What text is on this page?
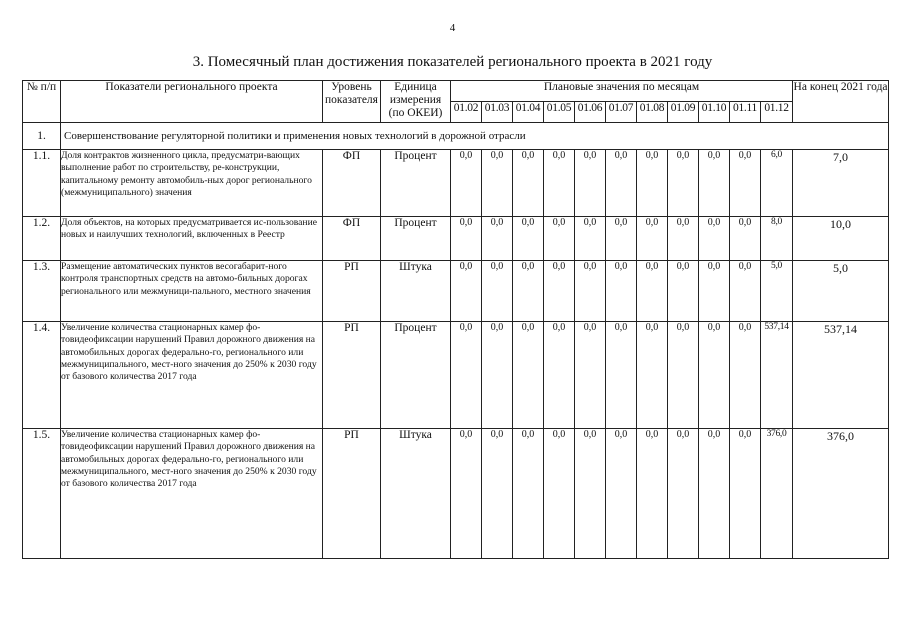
4
3. Помесячный план достижения показателей регионального проекта в 2021 году
№ п/п	Показатели регионального проекта	Уровень показателя	Единица измерения (по ОКЕИ)	Плановые значения по месяцам											На конец 2021 года
				01.02	01.03	01.04	01.05	01.06	01.07	01.08	01.09	01.10	01.11	01.12	
1.	Совершенствование регуляторной политики и применения новых технологий в дорожной отрасли														
1.1.	Доля контрактов жизненного цикла, предусматри-вающих выполнение работ по строительству, ре-конструкции, капитальному ремонту автомобиль-ных дорог регионального (межмуниципального) значения	ФП	Процент	0,0	0,0	0,0	0,0	0,0	0,0	0,0	0,0	0,0	0,0	6,0	7,0
1.2.	Доля объектов, на которых предусматривается ис-пользование новых и наилучших технологий, включенных в Реестр	ФП	Процент	0,0	0,0	0,0	0,0	0,0	0,0	0,0	0,0	0,0	0,0	8,0	10,0
1.3.	Размещение автоматических пунктов весогабарит-ного контроля транспортных средств на автомо-бильных дорогах регионального или межмуници-пального, местного значения	РП	Штука	0,0	0,0	0,0	0,0	0,0	0,0	0,0	0,0	0,0	0,0	5,0	5,0
1.4.	Увеличение количества стационарных камер фо-товидеофиксации нарушений Правил дорожного движения на автомобильных дорогах федерально-го, регионального или межмуниципального, мест-ного значения до 250% к 2030 году от базового количества 2017 года	РП	Процент	0,0	0,0	0,0	0,0	0,0	0,0	0,0	0,0	0,0	0,0	537,14	537,14
1.5.	Увеличение количества стационарных камер фо-товидеофиксации нарушений Правил дорожного движения на автомобильных дорогах федерально-го, регионального или межмуниципального, мест-ного значения до 250% к 2030 году от базового количества 2017 года	РП	Штука	0,0	0,0	0,0	0,0	0,0	0,0	0,0	0,0	0,0	0,0	376,0	376,0
